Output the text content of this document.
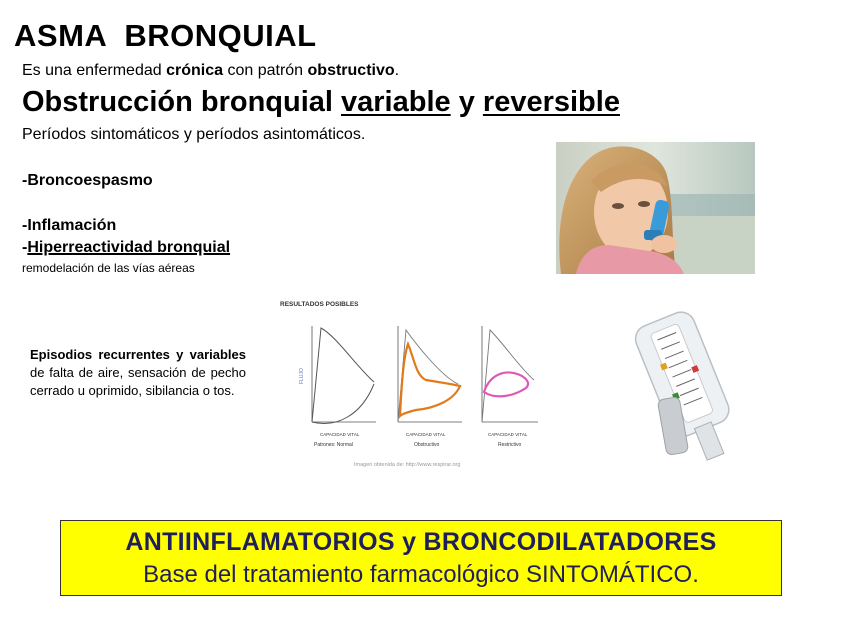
ASMA  BRONQUIAL
Es una enfermedad crónica con patrón obstructivo.
Obstrucción bronquial variable y reversible
Períodos sintomáticos y períodos asintomáticos.
-Broncoespasmo
-Inflamación
-Hiperreactividad bronquial
remodelación de las vías aéreas
Episodios recurrentes y variables de falta de aire, sensación de pecho cerrado u oprimido, sibilancia o tos.
RESULTADOS POSIBLES
FLUJO
CAPACIDAD VITAL
Patrones: Normal
CAPACIDAD VITAL
Obstructivo
CAPACIDAD VITAL
Restrictivo
Imagen obtenida de: http://www.respirar.org
ANTIINFLAMATORIOS y BRONCODILATADORES
Base del tratamiento farmacológico SINTOMÁTICO.
